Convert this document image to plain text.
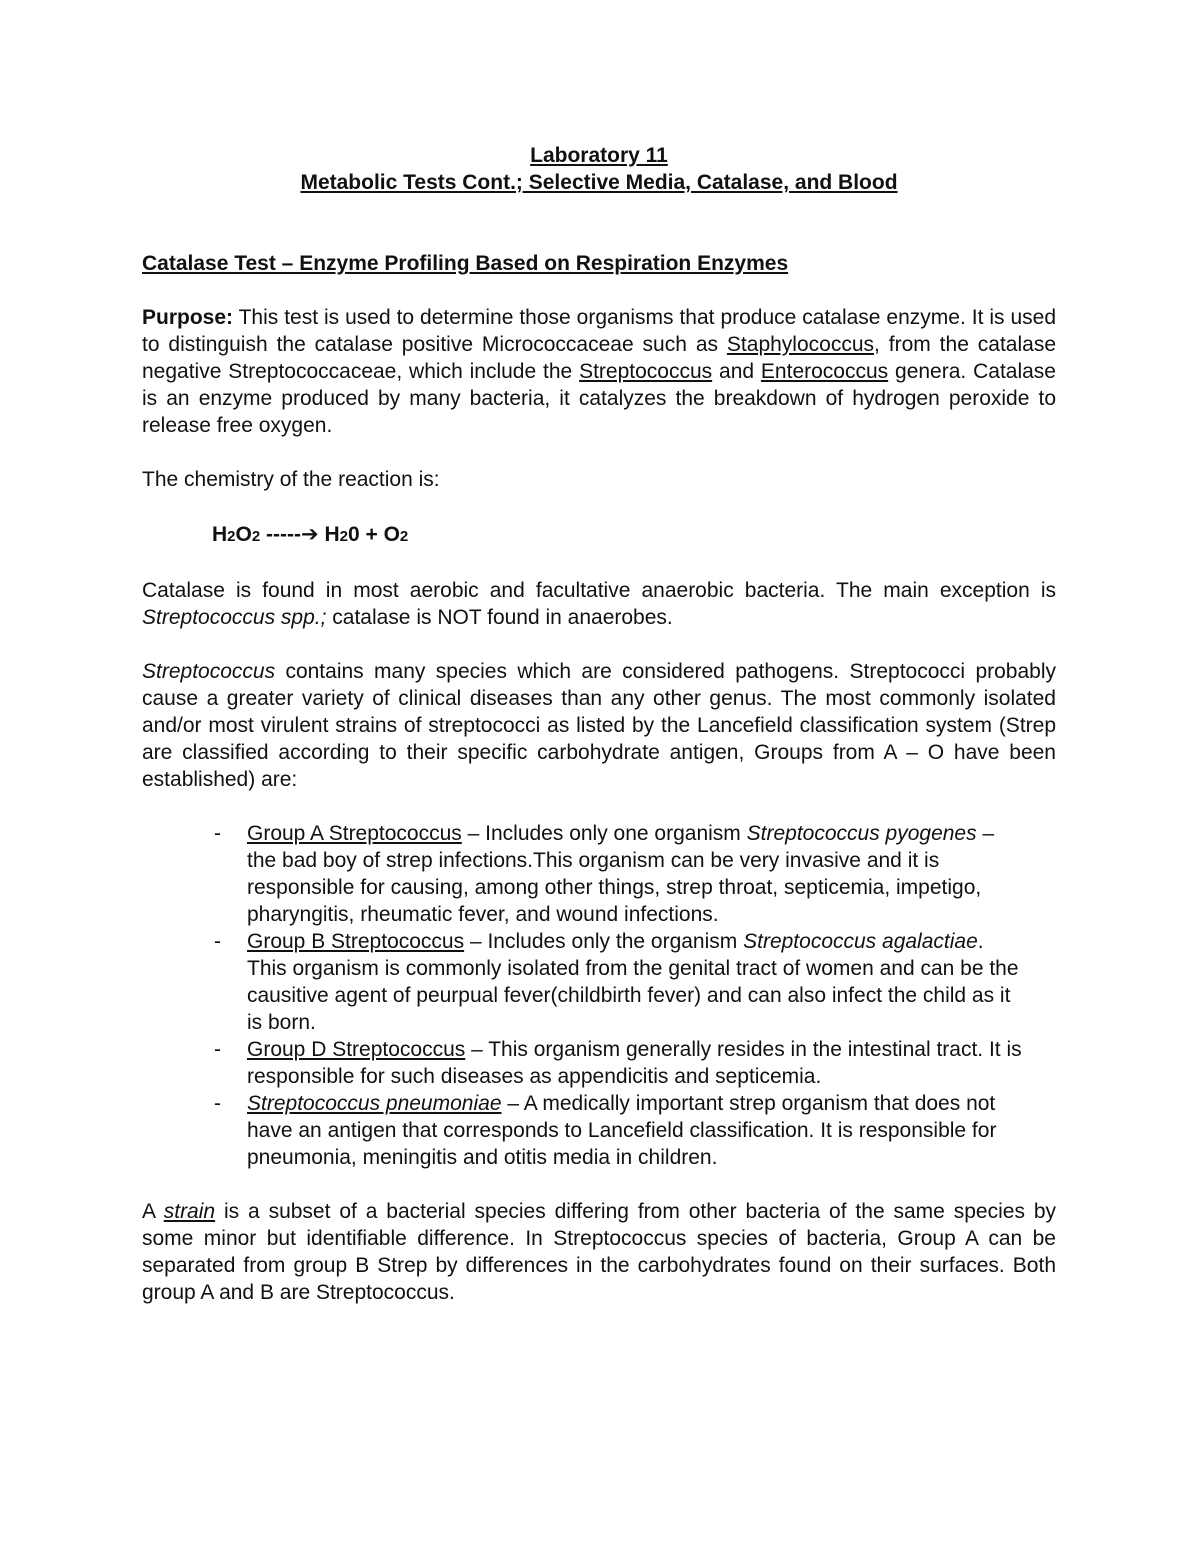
Laboratory 11

Metabolic Tests Cont.; Selective Media, Catalase, and Blood

Catalase Test – Enzyme Profiling Based on Respiration Enzymes

Purpose: This test is used to determine those organisms that produce catalase enzyme. It is used to distinguish the catalase positive Micrococcaceae such as Staphylococcus, from the catalase negative Streptococcaceae, which include the Streptococcus and Enterococcus genera. Catalase is an enzyme produced by many bacteria, it catalyzes the breakdown of hydrogen peroxide to release free oxygen.

The chemistry of the reaction is:

H2O2 -----➔ H20 + O2

Catalase is found in most aerobic and facultative anaerobic bacteria. The main exception is Streptococcus spp.; catalase is NOT found in anaerobes.

Streptococcus contains many species which are considered pathogens. Streptococci probably cause a greater variety of clinical diseases than any other genus. The most commonly isolated and/or most virulent strains of streptococci as listed by the Lancefield classification system (Strep are classified according to their specific carbohydrate antigen, Groups from A – O have been established) are:

- Group A Streptococcus – Includes only one organism Streptococcus pyogenes – the bad boy of strep infections.This organism can be very invasive and it is responsible for causing, among other things, strep throat, septicemia, impetigo, pharyngitis, rheumatic fever, and wound infections.
- Group B Streptococcus – Includes only the organism Streptococcus agalactiae. This organism is commonly isolated from the genital tract of women and can be the causitive agent of peurpual fever(childbirth fever) and can also infect the child as it is born.
- Group D Streptococcus – This organism generally resides in the intestinal tract. It is responsible for such diseases as appendicitis and septicemia.
- Streptococcus pneumoniae – A medically important strep organism that does not have an antigen that corresponds to Lancefield classification. It is responsible for pneumonia, meningitis and otitis media in children.

A strain is a subset of a bacterial species differing from other bacteria of the same species by some minor but identifiable difference. In Streptococcus species of bacteria, Group A can be separated from group B Strep by differences in the carbohydrates found on their surfaces. Both group A and B are Streptococcus.
